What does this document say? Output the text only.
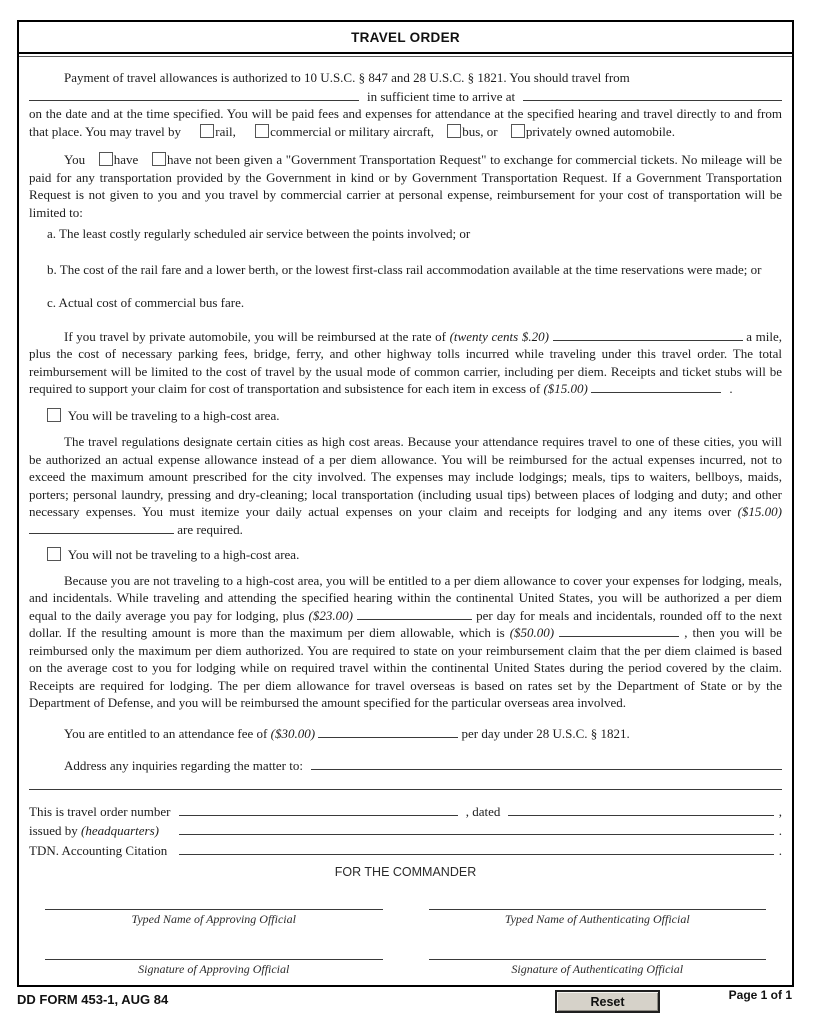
TRAVEL ORDER
Payment of travel allowances is authorized to 10 U.S.C. § 847 and 28 U.S.C. § 1821. You should travel from
in sufficient time to arrive at
on the date and at the time specified. You will be paid fees and expenses for attendance at the specified hearing and travel directly to and from that place. You may travel by	rail,	commercial or military aircraft, bus, or privately owned automobile.
You have have not been given a "Government Transportation Request" to exchange for commercial tickets. No mileage will be paid for any transportation provided by the Government in kind or by Government Transportation Request. If a Government Transportation Request is not given to you and you travel by commercial carrier at personal expense, reimbursement for your cost of transportation will be limited to:
a. The least costly regularly scheduled air service between the points involved; or
b. The cost of the rail fare and a lower berth, or the lowest first-class rail accommodation available at the time reservations were made; or
c. Actual cost of commercial bus fare.
If you travel by private automobile, you will be reimbursed at the rate of (twenty cents $.20)	a mile, plus the cost of necessary parking fees, bridge, ferry, and other highway tolls incurred while traveling under this travel order. The total reimbursement will be limited to the cost of travel by the usual mode of common carrier, including per diem. Receipts and ticket stubs will be required to support your claim for cost of transportation and subsistence for each item in excess of ($15.00)	.
You will be traveling to a high-cost area.
The travel regulations designate certain cities as high cost areas. Because your attendance requires travel to one of these cities, you will be authorized an actual expense allowance instead of a per diem allowance. You will be reimbursed for the actual expenses incurred, not to exceed the maximum amount prescribed for the city involved. The expenses may include lodgings; meals, tips to waiters, bellboys, maids, porters; personal laundry, pressing and dry-cleaning; local transportation (including usual tips) between places of lodging and duty; and other necessary expenses. You must itemize your daily actual expenses on your claim and receipts for lodging and any items over ($15.00)  are required.
You will not be traveling to a high-cost area.
Because you are not traveling to a high-cost area, you will be entitled to a per diem allowance to cover your expenses for lodging, meals, and incidentals. While traveling and attending the specified hearing within the continental United States, you will be authorized a per diem equal to the daily average you pay for lodging, plus ($23.00)	per day for meals and incidentals, rounded off to the next dollar. If the resulting amount is more than the maximum per diem allowable, which is ($50.00)	, then you will be reimbursed only the maximum per diem authorized. You are required to state on your reimbursement claim that the per diem claimed is based on the average cost to you for lodging while on required travel within the continental United States during the period covered by the claim. Receipts are required for lodging. The per diem allowance for travel overseas is based on rates set by the Department of State or by the Department of Defense, and you will be reimbursed the amount specified for the particular overseas area involved.
You are entitled to an attendance fee of ($30.00)	per day under 28 U.S.C. § 1821.
Address any inquiries regarding the matter to:
This is travel order number	, dated	,
issued by (headquarters)	.
TDN. Accounting Citation	.
FOR THE COMMANDER
Typed Name of Approving Official
Signature of Approving Official
Typed Name of Authenticating Official
Signature of Authenticating Official
DD FORM 453-1, AUG 84	Reset	Page 1 of 1
